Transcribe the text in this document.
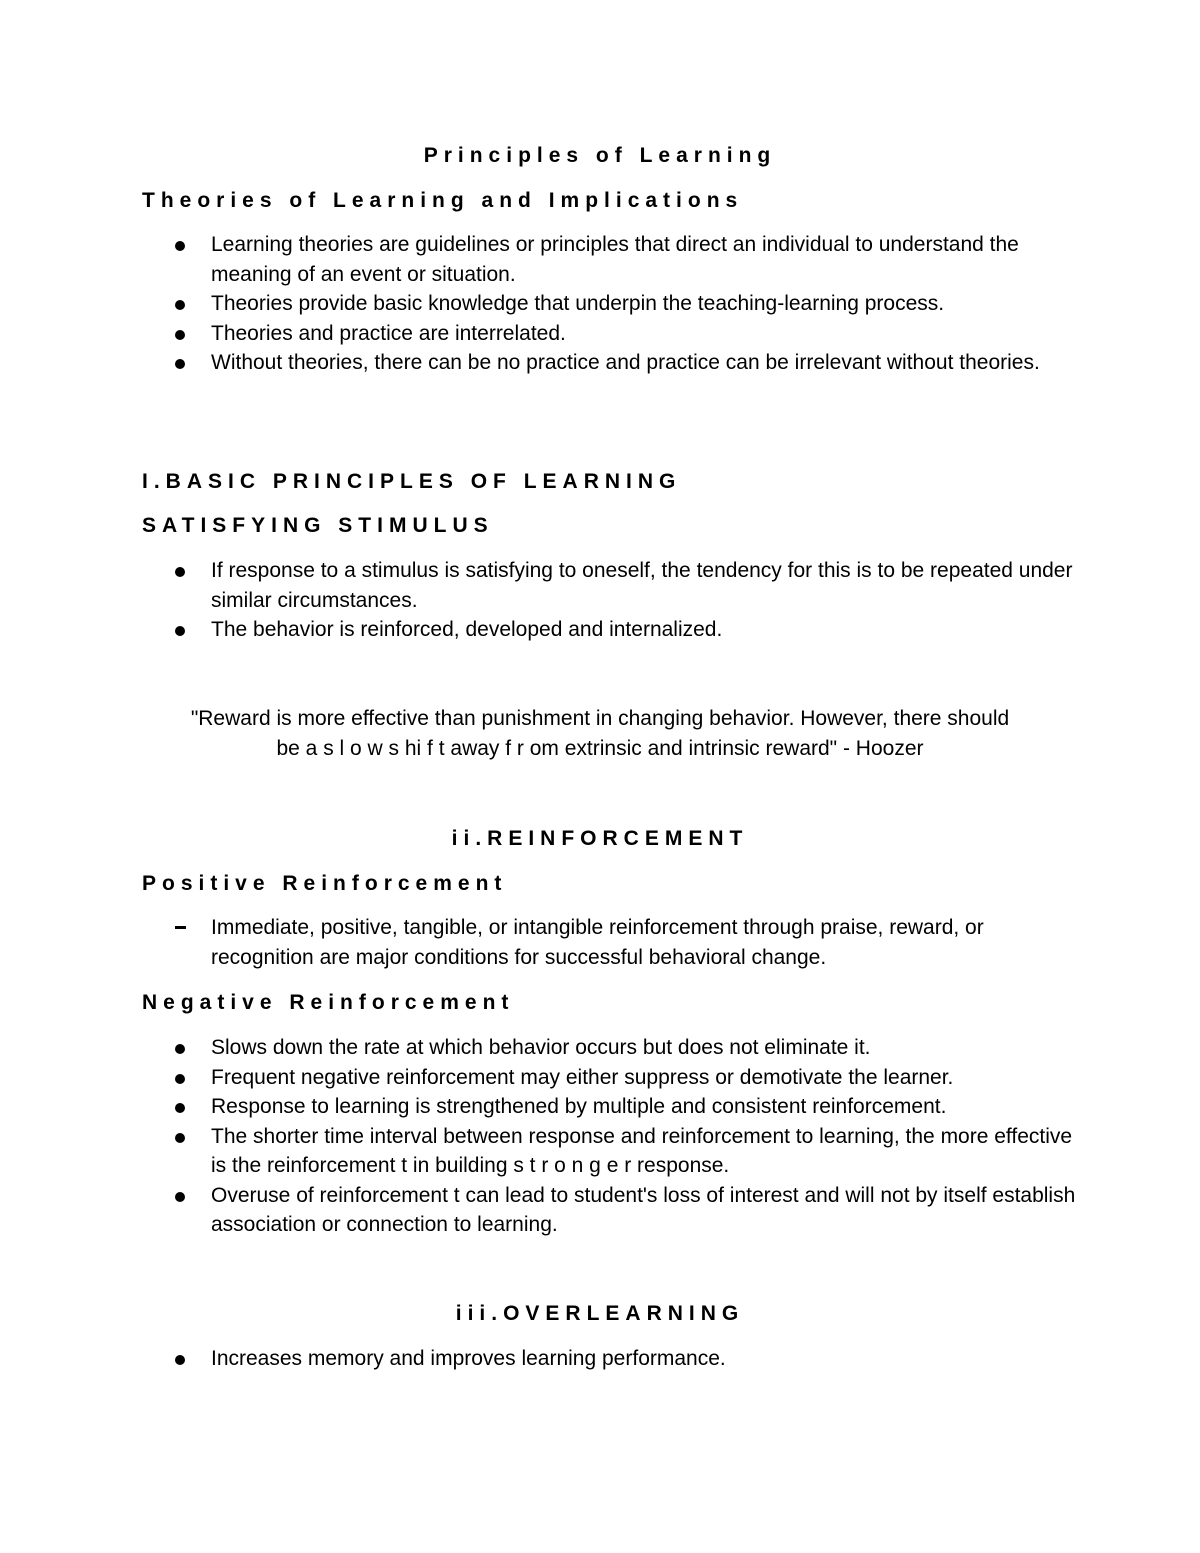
Principles of Learning
Theories of Learning and Implications
Learning theories are guidelines or principles that direct an individual to understand the meaning of an event or situation.
Theories provide basic knowledge that underpin the teaching-learning process.
Theories and practice are interrelated.
Without theories, there can be no practice and practice can be irrelevant without theories.
I.BASIC PRINCIPLES OF LEARNING
SATISFYING STIMULUS
If response to a stimulus is satisfying to oneself, the tendency for this is to be repeated under similar circumstances.
The behavior is reinforced, developed and internalized.
"Reward is more effective than punishment in changing behavior. However, there should
be a s l o w s hi f t away f r om extrinsic and intrinsic reward" - Hoozer
ii.REINFORCEMENT
Positive Reinforcement
Immediate, positive, tangible, or intangible reinforcement through praise, reward, or recognition are major conditions for successful behavioral change.
Negative Reinforcement
Slows down the rate at which behavior occurs but does not eliminate it.
Frequent negative reinforcement may either suppress or demotivate the learner.
Response to learning is strengthened by multiple and consistent reinforcement.
The shorter time interval between response and reinforcement to learning, the more effective is the reinforcement t in building s t r o n g e r response.
Overuse of reinforcement t can lead to student's loss of interest and will not by itself establish association or connection to learning.
iii.OVERLEARNING
Increases memory and improves learning performance.
